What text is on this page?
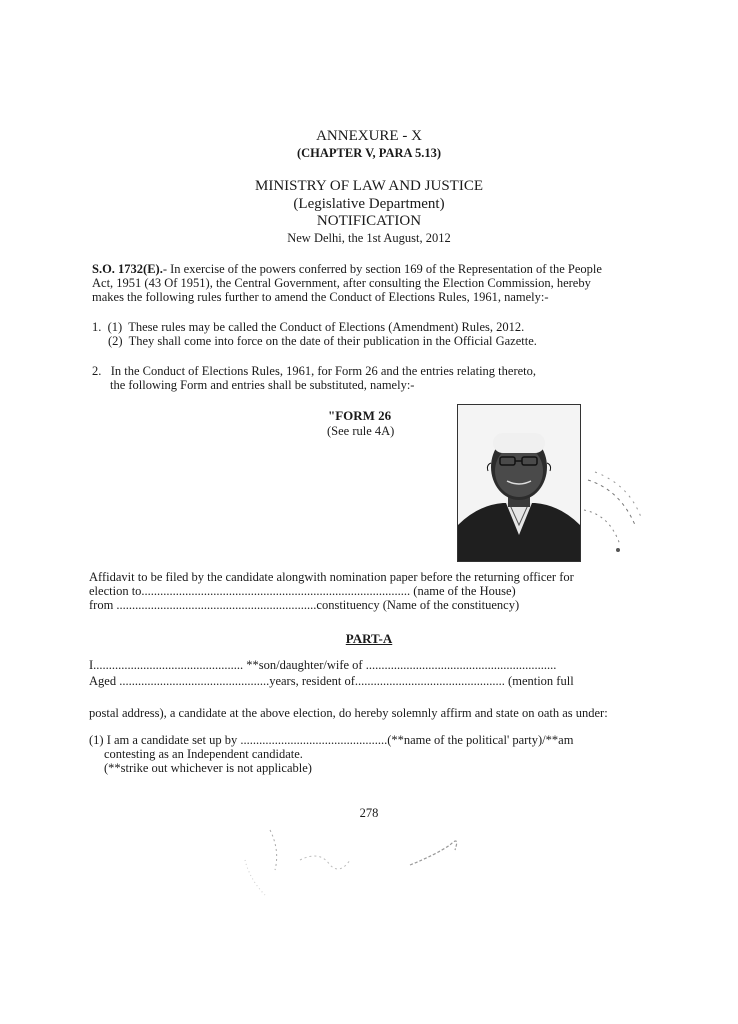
ANNEXURE - X
(CHAPTER V, PARA 5.13)
MINISTRY OF LAW AND JUSTICE
(Legislative Department)
NOTIFICATION
New Delhi, the 1st August, 2012
S.O. 1732(E).- In exercise of the powers conferred by section 169 of the Representation of the People
Act, 1951 (43 Of 1951), the Central Government, after consulting the Election Commission, hereby
makes the following rules further to amend the Conduct of Elections Rules, 1961, namely:-
1.  (1)  These rules may be called the Conduct of Elections (Amendment) Rules, 2012.
(2)  They shall come into force on the date of their publication in the Official Gazette.
2.   In the Conduct of Elections Rules, 1961, for Form 26 and the entries relating thereto,
the following Form and entries shall be substituted, namely:-
"FORM 26
(See rule 4A)
Affidavit to be filed by the candidate alongwith nomination paper before the returning officer for
election to...................................................................................... (name of the House)
from ................................................................constituency (Name of the constituency)
PART-A
I................................................ **son/daughter/wife of .............................................................
Aged ................................................years, resident of................................................ (mention full
postal address), a candidate at the above election, do hereby solemnly affirm and state on oath as under:
(1) I am a candidate set up by ...............................................(**name of the political' party)/**am
contesting as an Independent candidate.
(**strike out whichever is not applicable)
278
